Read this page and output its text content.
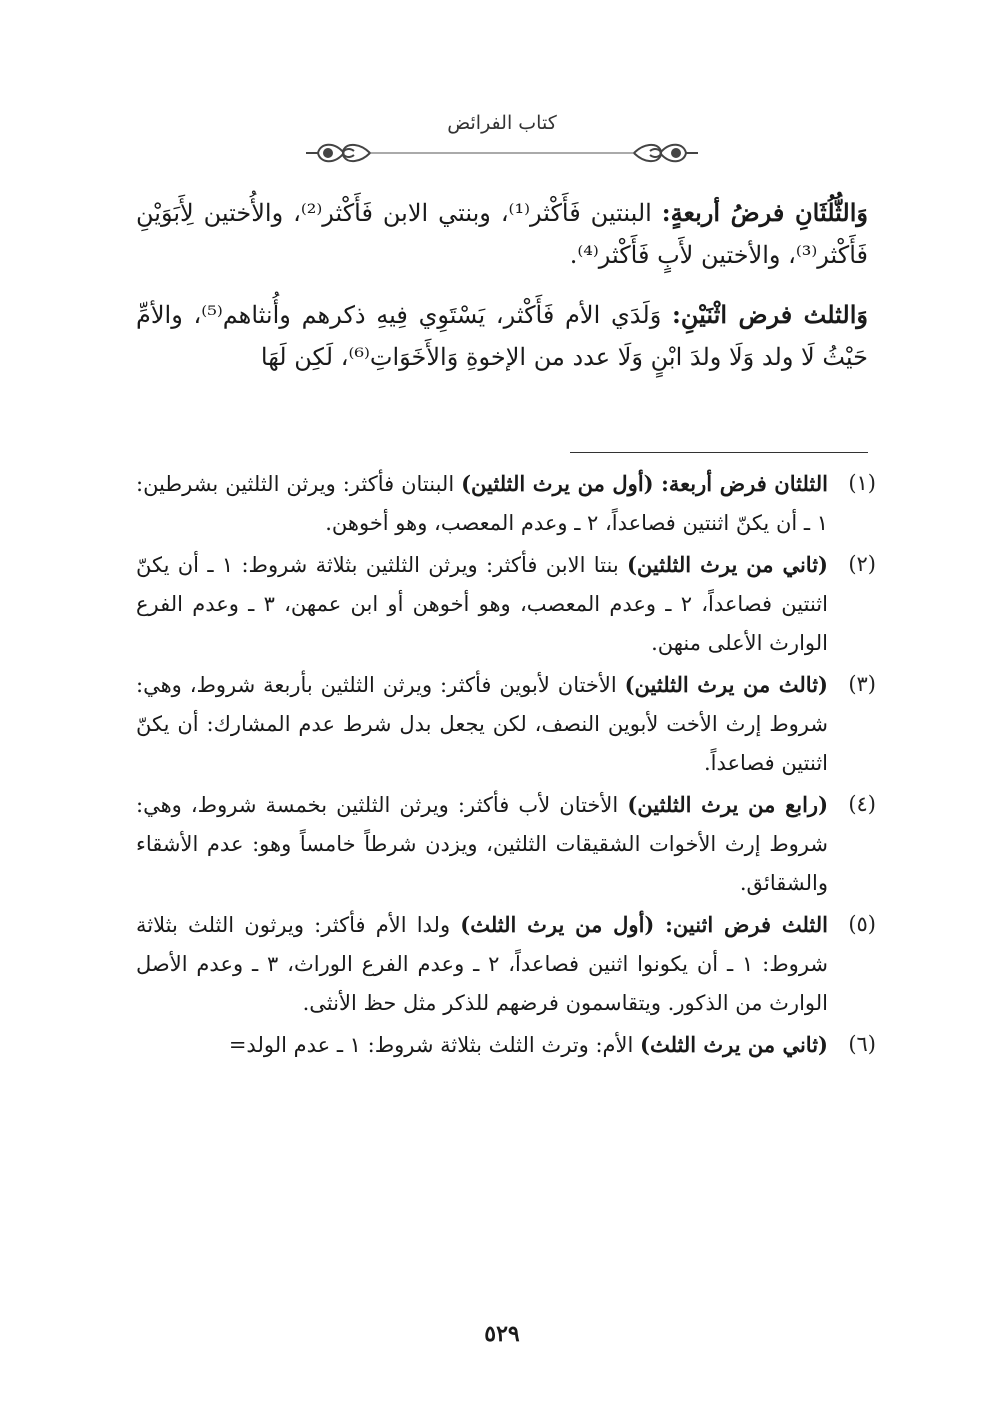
كتاب الفرائض

وَالثُّلُثَانِ فرضُ أربعةٍ: البنتين فَأَكْثر⁽¹⁾، وبنتي الابن فَأَكْثر⁽²⁾، والأُختين لِأَبَوَيْنِ فَأَكْثر⁽³⁾، والأختين لأَبٍ فَأَكْثر⁽⁴⁾.

وَالثلث فرض اثْنَيْنِ: وَلَدَي الأم فَأَكْثر، يَسْتَوِي فِيهِ ذكرهم وأُنثاهم⁽⁵⁾، والأمِّ حَيْثُ لَا ولد وَلَا ولدَ ابْنٍ وَلَا عدد من الإخوةِ وَالأَخَوَاتِ⁽⁶⁾، لَكِن لَهَا

(١)
الثلثان فرض أربعة: (أول من يرث الثلثين) البنتان فأكثر: ويرثن الثلثين بشرطين: ١ ـ أن يكنّ اثنتين فصاعداً، ٢ ـ وعدم المعصب، وهو أخوهن.
(٢)
(ثاني من يرث الثلثين) بنتا الابن فأكثر: ويرثن الثلثين بثلاثة شروط: ١ ـ أن يكنّ اثنتين فصاعداً، ٢ ـ وعدم المعصب، وهو أخوهن أو ابن عمهن، ٣ ـ وعدم الفرع الوارث الأعلى منهن.
(٣)
(ثالث من يرث الثلثين) الأختان لأبوين فأكثر: ويرثن الثلثين بأربعة شروط، وهي: شروط إرث الأخت لأبوين النصف، لكن يجعل بدل شرط عدم المشارك: أن يكنّ اثنتين فصاعداً.
(٤)
(رابع من يرث الثلثين) الأختان لأب فأكثر: ويرثن الثلثين بخمسة شروط، وهي: شروط إرث الأخوات الشقيقات الثلثين، ويزدن شرطاً خامساً وهو: عدم الأشقاء والشقائق.
(٥)
الثلث فرض اثنين: (أول من يرث الثلث) ولدا الأم فأكثر: ويرثون الثلث بثلاثة شروط: ١ ـ أن يكونوا اثنين فصاعداً، ٢ ـ وعدم الفرع الوراث، ٣ ـ وعدم الأصل الوارث من الذكور. ويتقاسمون فرضهم للذكر مثل حظ الأنثى.
(٦)
(ثاني من يرث الثلث) الأم: وترث الثلث بثلاثة شروط: ١ ـ عدم الولد=
٥٢٩
